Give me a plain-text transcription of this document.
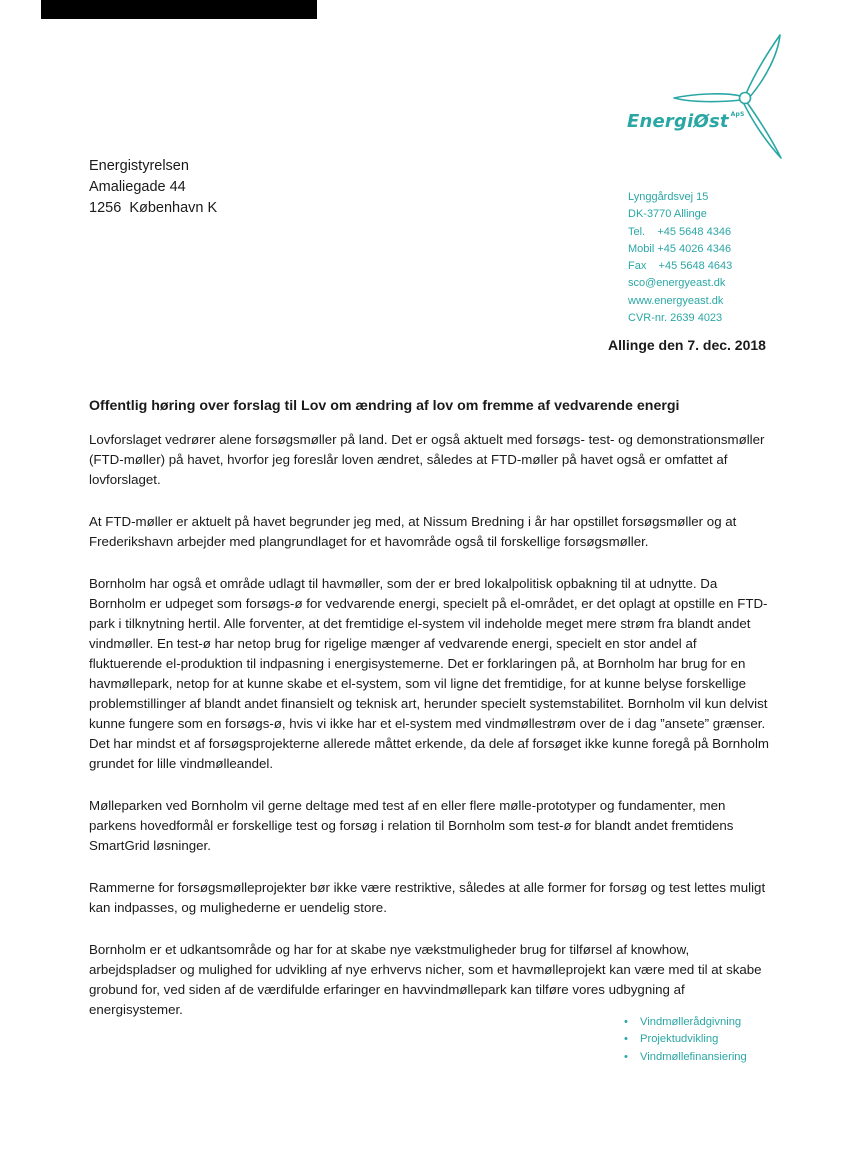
EnergiØst $^{ApS}$
Energistyrelsen
Amaliegade 44
1256  København K
Lynggårdsvej 15
DK-3770 Allinge
Tel.    +45 5648 4346
Mobil +45 4026 4346
Fax    +45 5648 4643
sco@energyeast.dk
www.energyeast.dk
CVR-nr. 2639 4023
Allinge den 7. dec. 2018
Offentlig høring over forslag til Lov om ændring af lov om fremme af vedvarende energi

Lovforslaget vedrører alene forsøgsmøller på land. Det er også aktuelt med forsøgs- test- og demonstrationsmøller (FTD-møller) på havet, hvorfor jeg foreslår loven ændret, således at FTD-møller på havet også er omfattet af lovforslaget.

At FTD-møller er aktuelt på havet begrunder jeg med, at Nissum Bredning i år har opstillet forsøgsmøller og at Frederikshavn arbejder med plangrundlaget for et havområde også til forskellige forsøgsmøller.

Bornholm har også et område udlagt til havmøller, som der er bred lokalpolitisk opbakning til at udnytte. Da Bornholm er udpeget som forsøgs-ø for vedvarende energi, specielt på el-området, er det oplagt at opstille en FTD-park i tilknytning hertil. Alle forventer, at det fremtidige el-system vil indeholde meget mere strøm fra blandt andet vindmøller. En test-ø har netop brug for rigelige mænger af vedvarende energi, specielt en stor andel af fluktuerende el-produktion til indpasning i energisystemerne. Det er forklaringen på, at Bornholm har brug for en havmøllepark, netop for at kunne skabe et el-system, som vil ligne det fremtidige, for at kunne belyse forskellige problemstillinger af blandt andet finansielt og teknisk art, herunder specielt systemstabilitet. Bornholm vil kun delvist kunne fungere som en forsøgs-ø, hvis vi ikke har et el-system med vindmøllestrøm over de i dag ”ansete” grænser. Det har mindst et af forsøgsprojekterne allerede måttet erkende, da dele af forsøget ikke kunne foregå på Bornholm grundet for lille vindmølleandel.

Mølleparken ved Bornholm vil gerne deltage med test af en eller flere mølle-prototyper og fundamenter, men parkens hovedformål er forskellige test og forsøg i relation til Bornholm som test-ø for blandt andet fremtidens SmartGrid løsninger.

Rammerne for forsøgsmølleprojekter bør ikke være restriktive, således at alle former for forsøg og test lettes muligt kan indpasses, og mulighederne er uendelig store.

Bornholm er et udkantsområde og har for at skabe nye vækstmuligheder brug for tilførsel af knowhow, arbejdspladser og mulighed for udvikling af nye erhvervs nicher, som et havmølleprojekt kan være med til at skabe grobund for, ved siden af de værdifulde erfaringer en havvindmøllepark kan tilføre vores udbygning af energisystemer.

• Vindmøllerådgivning
• Projektudvikling
• Vindmøllefinansiering
